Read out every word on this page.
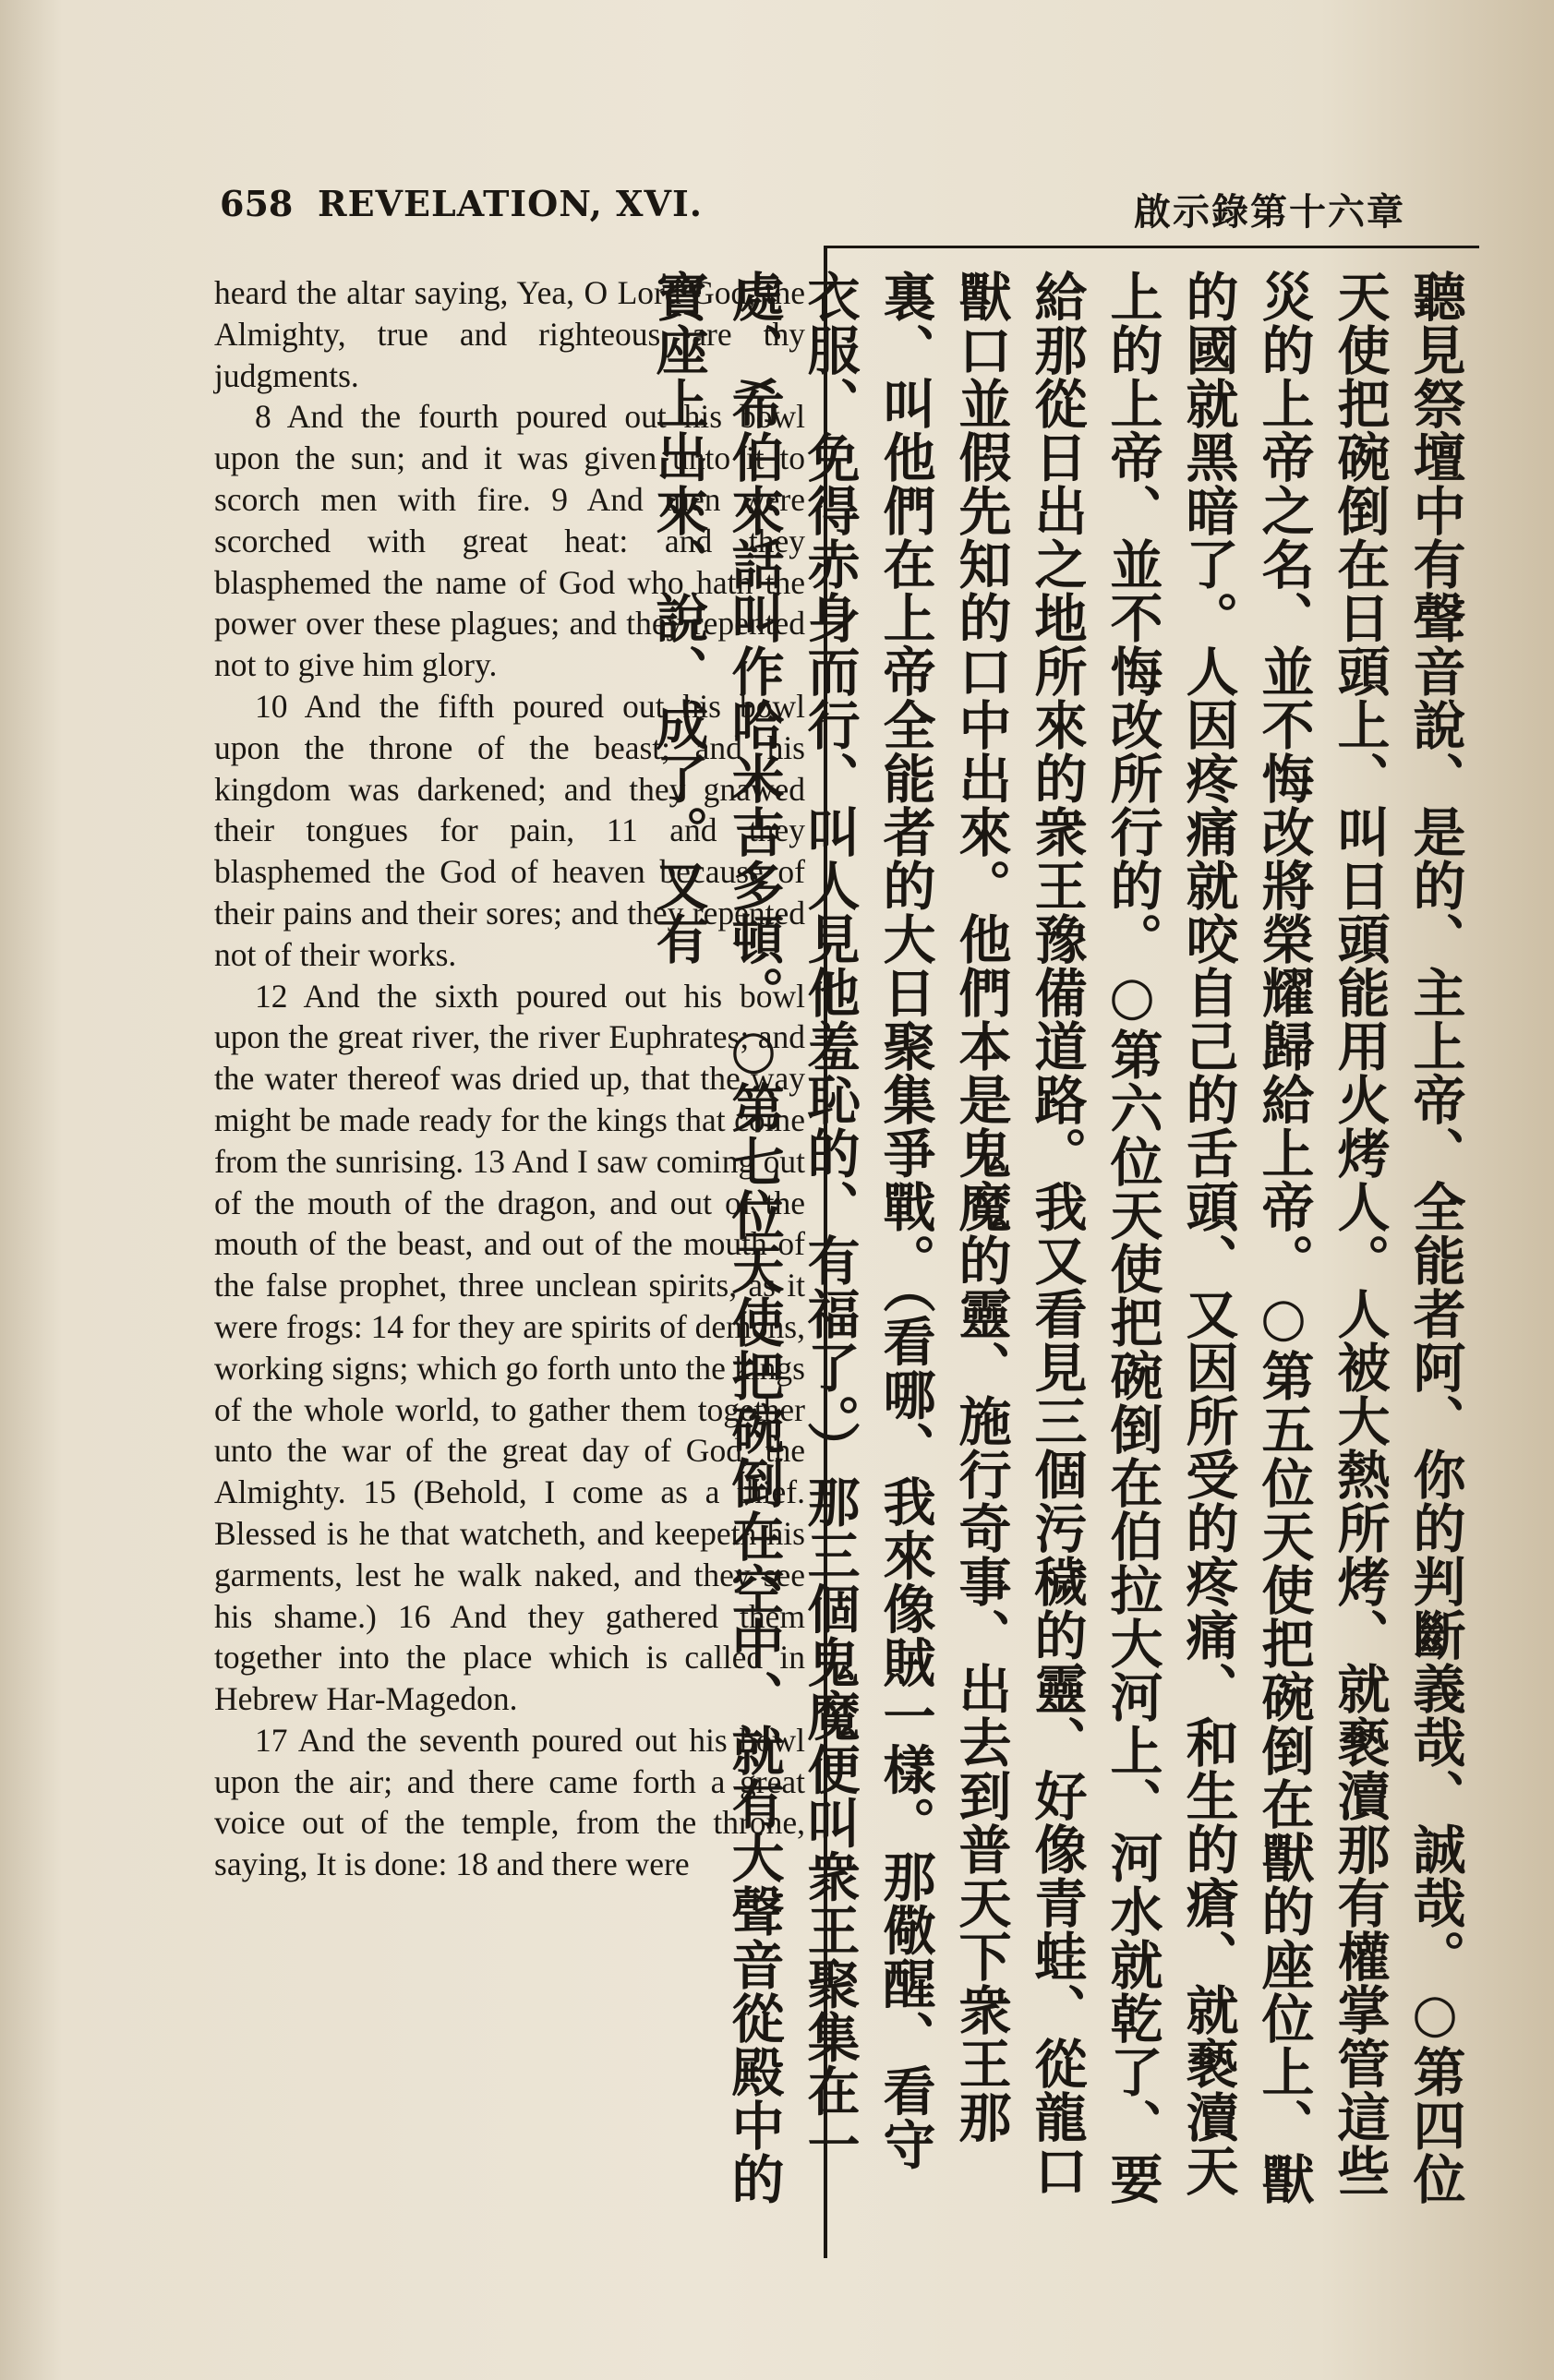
658 REVELATION, XVI.	啟示錄第十六章

heard the altar saying, Yea, O Lord God, the Almighty, true and righteous are thy judgments.

8 And the fourth poured out his bowl upon the sun; and it was given unto it to scorch men with fire. 9 And men were scorched with great heat: and they blasphemed the name of God who hath the power over these plagues; and they repented not to give him glory.

10 And the fifth poured out his bowl upon the throne of the beast; and his kingdom was darkened; and they gnawed their tongues for pain, 11 and they blasphemed the God of heaven because of their pains and their sores; and they repented not of their works.

12 And the sixth poured out his bowl upon the great river, the river Euphrates; and the water thereof was dried up, that the way might be made ready for the kings that come from the sunrising. 13 And I saw coming out of the mouth of the dragon, and out of the mouth of the beast, and out of the mouth of the false prophet, three unclean spirits, as it were frogs: 14 for they are spirits of demons, working signs; which go forth unto the kings of the whole world, to gather them together unto the war of the great day of God, the Almighty. 15 (Behold, I come as a thief. Blessed is he that watcheth, and keepeth his garments, lest he walk naked, and they see his shame.) 16 And they gathered them together into the place which is called in Hebrew Har-Magedon.

17 And the seventh poured out his bowl upon the air; and there came forth a great voice out of the temple, from the throne, saying, It is done: 18 and there were	聽見祭壇中有聲音說、是的、主上帝、全能者阿、你的判斷義哉、誠哉。○第四位天使把碗倒在日頭上、叫日頭能用火烤人。人被大熱所烤、就褻瀆那有權掌管這些災的上帝之名、並不悔改將榮耀歸給上帝。○第五位天使把碗倒在獸的座位上、獸的國就黑暗了。人因疼痛就咬自己的舌頭、又因所受的疼痛、和生的瘡、就褻瀆天上的上帝、並不悔改所行的。○第六位天使把碗倒在伯拉大河上、河水就乾了、要給那從日出之地所來的衆王豫備道路。我又看見三個污穢的靈、好像青蛙、從龍口獸口並假先知的口中出來。他們本是鬼魔的靈、施行奇事、出去到普天下衆王那裏、叫他們在上帝全能者的大日聚集爭戰。（看哪、我來像賊一樣。那儆醒、看守衣服、免得赤身而行、叫人見他羞恥的、有福了。）那三個鬼魔便叫衆王聚集在一處、希伯來話叫作哈米吉多頓。○第七位天使把碗倒在空中、就有大聲音從殿中的寶座上出來、說、成了。又有
